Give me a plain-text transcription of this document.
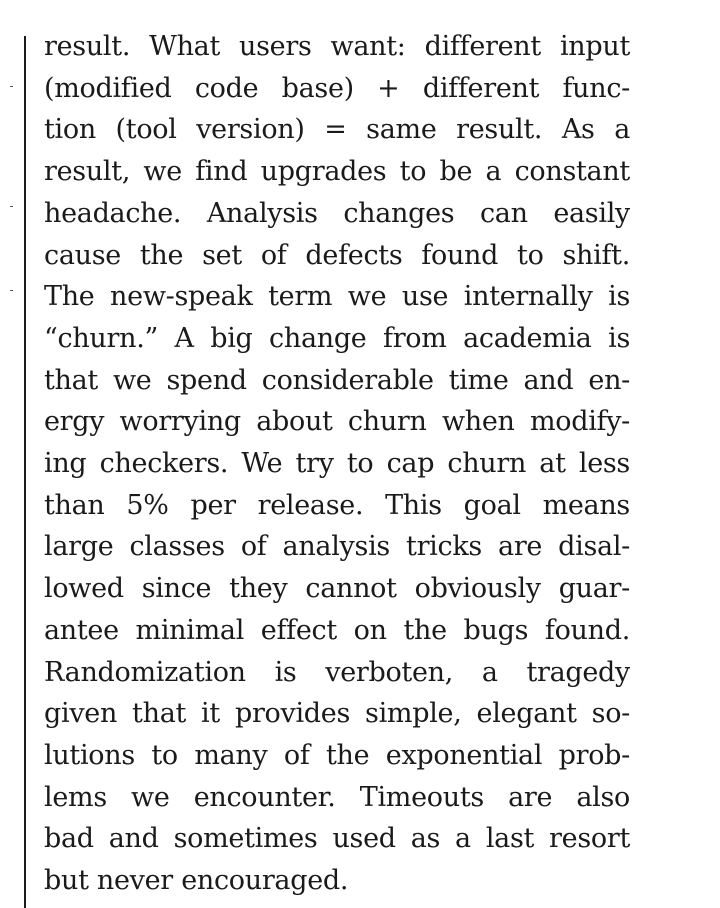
result. What users want: different input
(modified code base) + different func-
tion (tool version) = same result. As a
result, we find upgrades to be a constant
headache. Analysis changes can easily
cause the set of defects found to shift.
The new-speak term we use internally is
“churn.” A big change from academia is
that we spend considerable time and en-
ergy worrying about churn when modify-
ing checkers. We try to cap churn at less
than 5% per release. This goal means
large classes of analysis tricks are disal-
lowed since they cannot obviously guar-
antee minimal effect on the bugs found.
Randomization is verboten, a tragedy
given that it provides simple, elegant so-
lutions to many of the exponential prob-
lems we encounter. Timeouts are also
bad and sometimes used as a last resort
but never encouraged.
